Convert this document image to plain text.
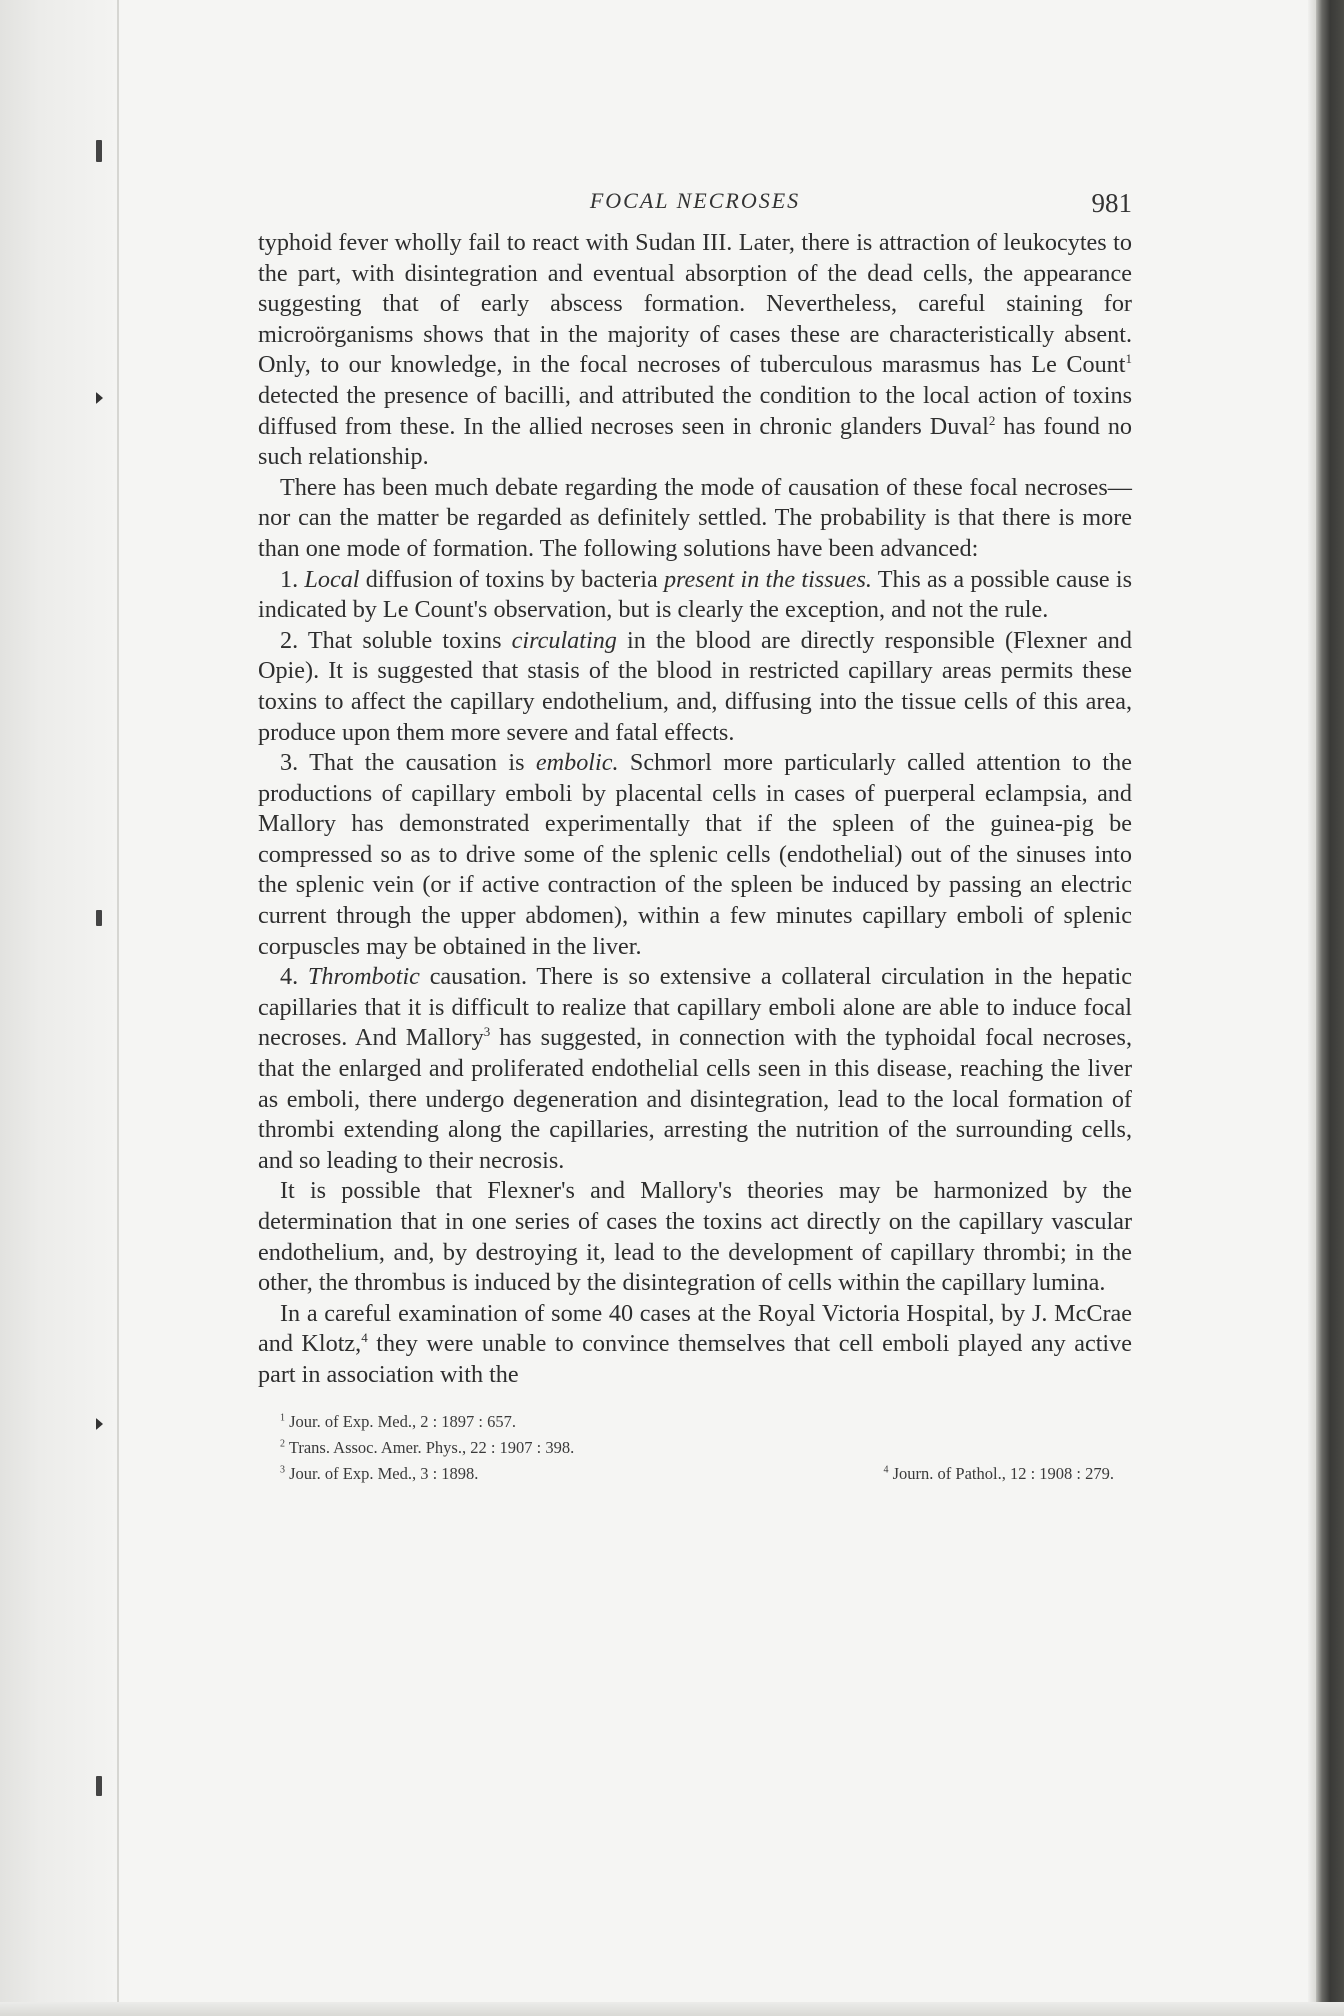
FOCAL NECROSES	981

typhoid fever wholly fail to react with Sudan III. Later, there is attraction of leukocytes to the part, with disintegration and eventual absorption of the dead cells, the appearance suggesting that of early abscess formation. Nevertheless, careful staining for microörganisms shows that in the majority of cases these are characteristically absent. Only, to our knowledge, in the focal necroses of tuberculous marasmus has Le Count$^1$ detected the presence of bacilli, and attributed the condition to the local action of toxins diffused from these. In the allied necroses seen in chronic glanders Duval$^2$ has found no such relationship.

There has been much debate regarding the mode of causation of these focal necroses—nor can the matter be regarded as definitely settled. The probability is that there is more than one mode of formation. The following solutions have been advanced:

1. Local diffusion of toxins by bacteria present in the tissues. This as a possible cause is indicated by Le Count's observation, but is clearly the exception, and not the rule.

2. That soluble toxins circulating in the blood are directly responsible (Flexner and Opie). It is suggested that stasis of the blood in restricted capillary areas permits these toxins to affect the capillary endothelium, and, diffusing into the tissue cells of this area, produce upon them more severe and fatal effects.

3. That the causation is embolic. Schmorl more particularly called attention to the productions of capillary emboli by placental cells in cases of puerperal eclampsia, and Mallory has demonstrated experimentally that if the spleen of the guinea-pig be compressed so as to drive some of the splenic cells (endothelial) out of the sinuses into the splenic vein (or if active contraction of the spleen be induced by passing an electric current through the upper abdomen), within a few minutes capillary emboli of splenic corpuscles may be obtained in the liver.

4. Thrombotic causation. There is so extensive a collateral circulation in the hepatic capillaries that it is difficult to realize that capillary emboli alone are able to induce focal necroses. And Mallory$^3$ has suggested, in connection with the typhoidal focal necroses, that the enlarged and proliferated endothelial cells seen in this disease, reaching the liver as emboli, there undergo degeneration and disintegration, lead to the local formation of thrombi extending along the capillaries, arresting the nutrition of the surrounding cells, and so leading to their necrosis.

It is possible that Flexner's and Mallory's theories may be harmonized by the determination that in one series of cases the toxins act directly on the capillary vascular endothelium, and, by destroying it, lead to the development of capillary thrombi; in the other, the thrombus is induced by the disintegration of cells within the capillary lumina.

In a careful examination of some 40 cases at the Royal Victoria Hospital, by J. McCrae and Klotz,$^4$ they were unable to convince themselves that cell emboli played any active part in association with the

$^1$ Jour. of Exp. Med., 2 : 1897 : 657.
$^2$ Trans. Assoc. Amer. Phys., 22 : 1907 : 398.
$^3$ Jour. of Exp. Med., 3 : 1898.	$^4$ Journ. of Pathol., 12 : 1908 : 279.
